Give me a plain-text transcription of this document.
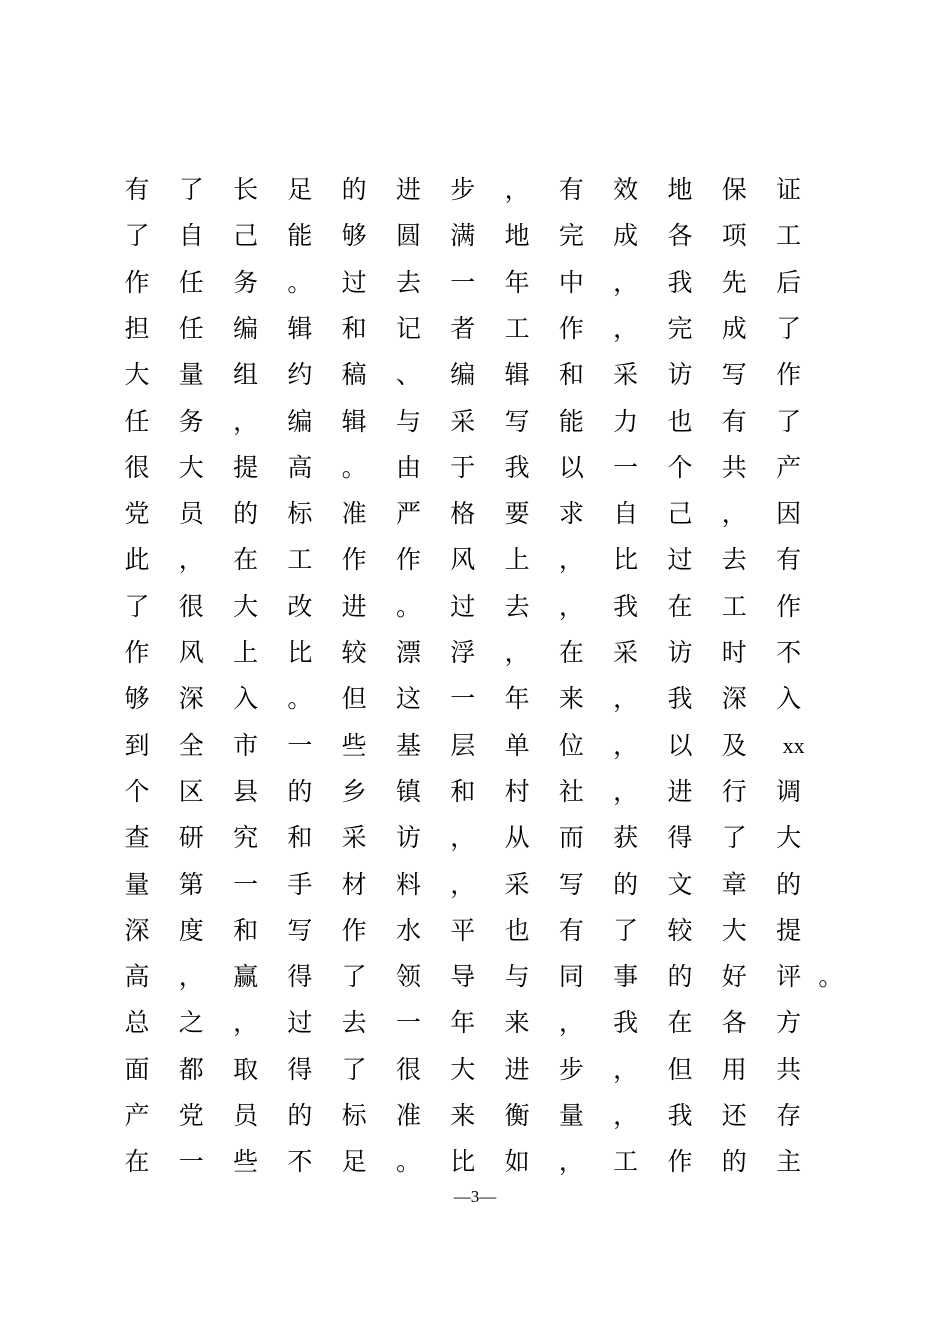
有 了 长 足 的 进 步 ， 有 效 地 保 证
了 自 己 能 够 圆 满 地 完 成 各 项 工
作 任 务 。 过 去 一 年 中 ， 我 先 后
担 任 编 辑 和 记 者 工 作 ， 完 成 了
大 量 组 约 稿 、 编 辑 和 采 访 写 作
任 务 ， 编 辑 与 采 写 能 力 也 有 了
很 大 提 高 。 由 于 我 以 一 个 共 产
党 员 的 标 准 严 格 要 求 自 己 ， 因
此 ， 在 工 作 作 风 上 ， 比 过 去 有
了 很 大 改 进 。 过 去 ， 我 在 工 作
作 风 上 比 较 漂 浮 ， 在 采 访 时 不
够 深 入 。 但 这 一 年 来 ， 我 深 入
到 全 市 一 些 基 层 单 位 ， 以 及	xx
个 区 县 的 乡 镇 和 村 社 ， 进 行 调
查 研 究 和 采 访 ， 从 而 获 得 了 大
量 第 一 手 材 料 ， 采 写 的 文 章 的
深 度 和 写 作 水 平 也 有 了 较 大 提
高 ， 赢 得 了 领 导 与 同 事 的 好 评 。
总 之 ， 过 去 一 年 来 ， 我 在 各 方
面 都 取 得 了 很 大 进 步 ， 但 用 共
产 党 员 的 标 准 来 衡 量 ， 我 还 存
在 一 些 不 足 。 比 如 ， 工 作 的 主
—3—
